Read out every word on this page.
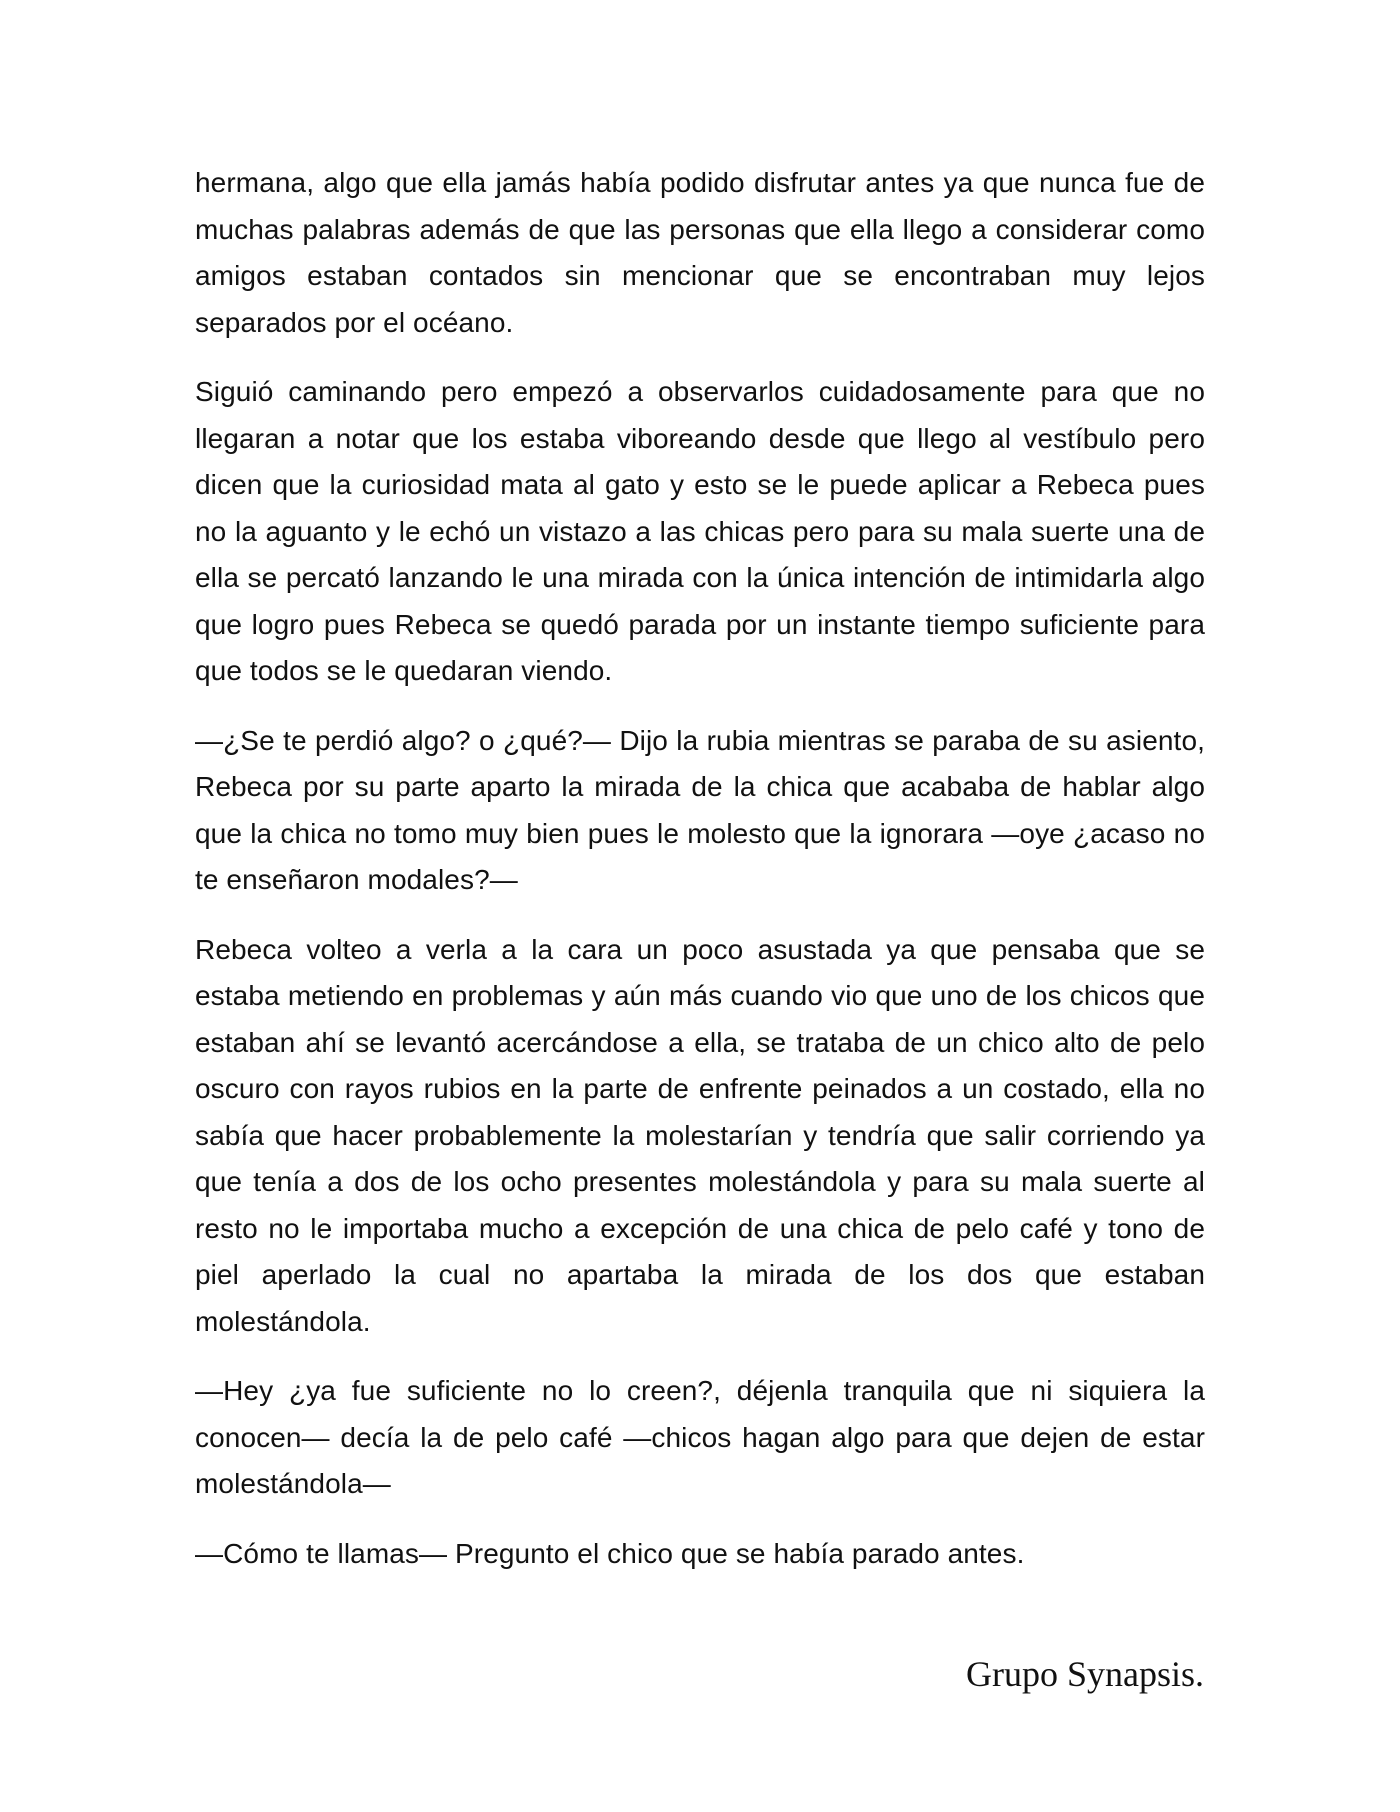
hermana, algo que ella jamás había podido disfrutar antes ya que nunca fue de muchas palabras además de que las personas que ella llego a considerar como amigos estaban contados sin mencionar que se encontraban muy lejos separados por el océano.

Siguió caminando pero empezó a observarlos cuidadosamente para que no llegaran a notar que los estaba viboreando desde que llego al vestíbulo pero dicen que la curiosidad mata al gato y esto se le puede aplicar a Rebeca pues no la aguanto y le echó un vistazo a las chicas pero para su mala suerte una de ella se percató lanzando le una mirada con la única intención de intimidarla algo que logro pues Rebeca se quedó parada por un instante tiempo suficiente para que todos se le quedaran viendo.

—¿Se te perdió algo? o ¿qué?— Dijo la rubia mientras se paraba de su asiento, Rebeca por su parte aparto la mirada de la chica que acababa de hablar algo que la chica no tomo muy bien pues le molesto que la ignorara —oye ¿acaso no te enseñaron modales?—

Rebeca volteo a verla a la cara un poco asustada ya que pensaba que se estaba metiendo en problemas y aún más cuando vio que uno de los chicos que estaban ahí se levantó acercándose a ella, se trataba de un chico alto de pelo oscuro con rayos rubios en la parte de enfrente peinados a un costado, ella no sabía que hacer probablemente la molestarían y tendría que salir corriendo ya que tenía a dos de los ocho presentes molestándola y para su mala suerte al resto no le importaba mucho a excepción de una chica de pelo café y tono de piel aperlado la cual no apartaba la mirada de los dos que estaban molestándola.

—Hey ¿ya fue suficiente no lo creen?, déjenla tranquila que ni siquiera la conocen— decía la de pelo café —chicos hagan algo para que dejen de estar molestándola—

—Cómo te llamas— Pregunto el chico que se había parado antes.

Grupo Synapsis.
